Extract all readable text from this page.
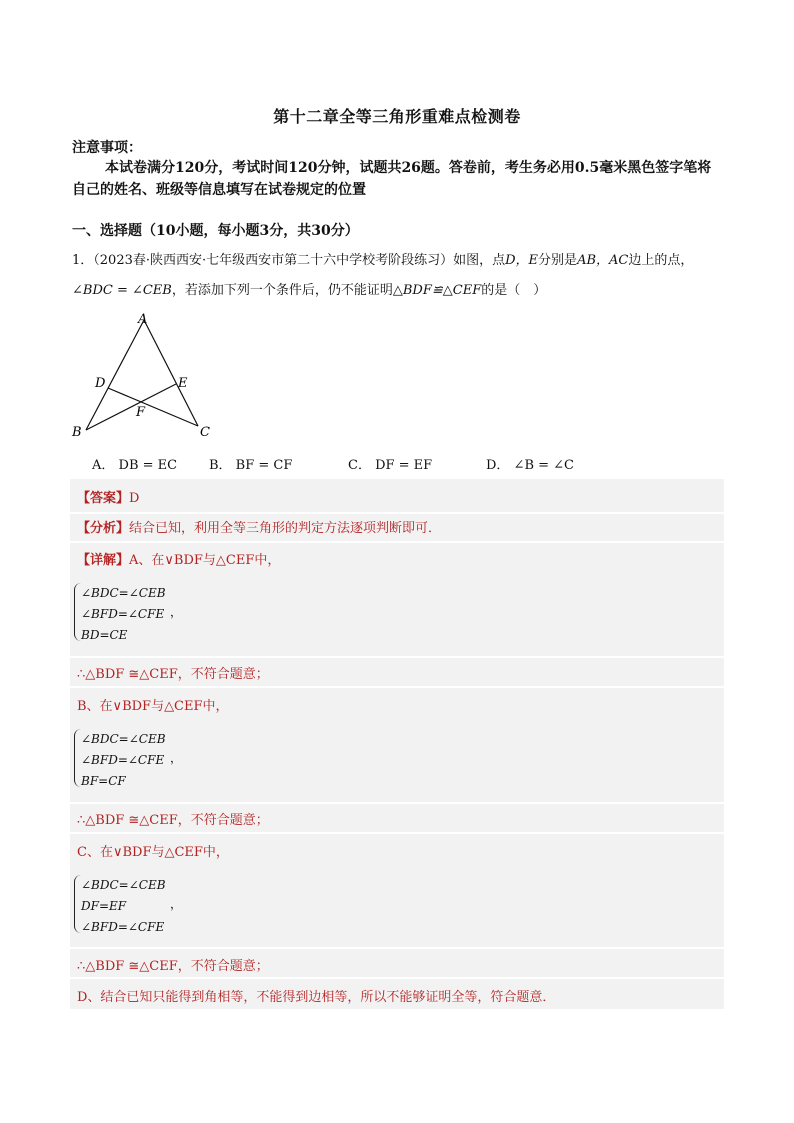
第十二章全等三角形重难点检测卷
注意事项：
本试卷满分120分，考试时间120分钟，试题共26题。答卷前，考生务必用0.5毫米黑色签字笔将自己的姓名、班级等信息填写在试卷规定的位置
一、选择题（10小题，每小题3分，共30分）
1．（2023春·陕西西安·七年级西安市第二十六中学校考阶段练习）如图，点D，E分别是AB，AC边上的点，
∠BDC = ∠CEB，若添加下列一个条件后，仍不能证明△BDF≌△CEF的是（　）
A
D	E
F
B	C
A． DB = EC B． BF = CF	C． DF = EF	D． ∠B = ∠C
【答案】D
【分析】结合已知，利用全等三角形的判定方法逐项判断即可．
【详解】A、在∨BDF与△CEF中，
∠BDC=∠CEB
∠BFD=∠CFE
BD=CE
，
∴△BDF ≅△CEF，不符合题意；
B、在∨BDF与△CEF中，
∠BDC=∠CEB
∠BFD=∠CFE
BF=CF
，
∴△BDF ≅△CEF，不符合题意；
C、在∨BDF与△CEF中，
∠BDC=∠CEB
DF=EF
∠BFD=∠CFE
，
∴△BDF ≅△CEF，不符合题意；
D、结合已知只能得到角相等，不能得到边相等，所以不能够证明全等，符合题意．
